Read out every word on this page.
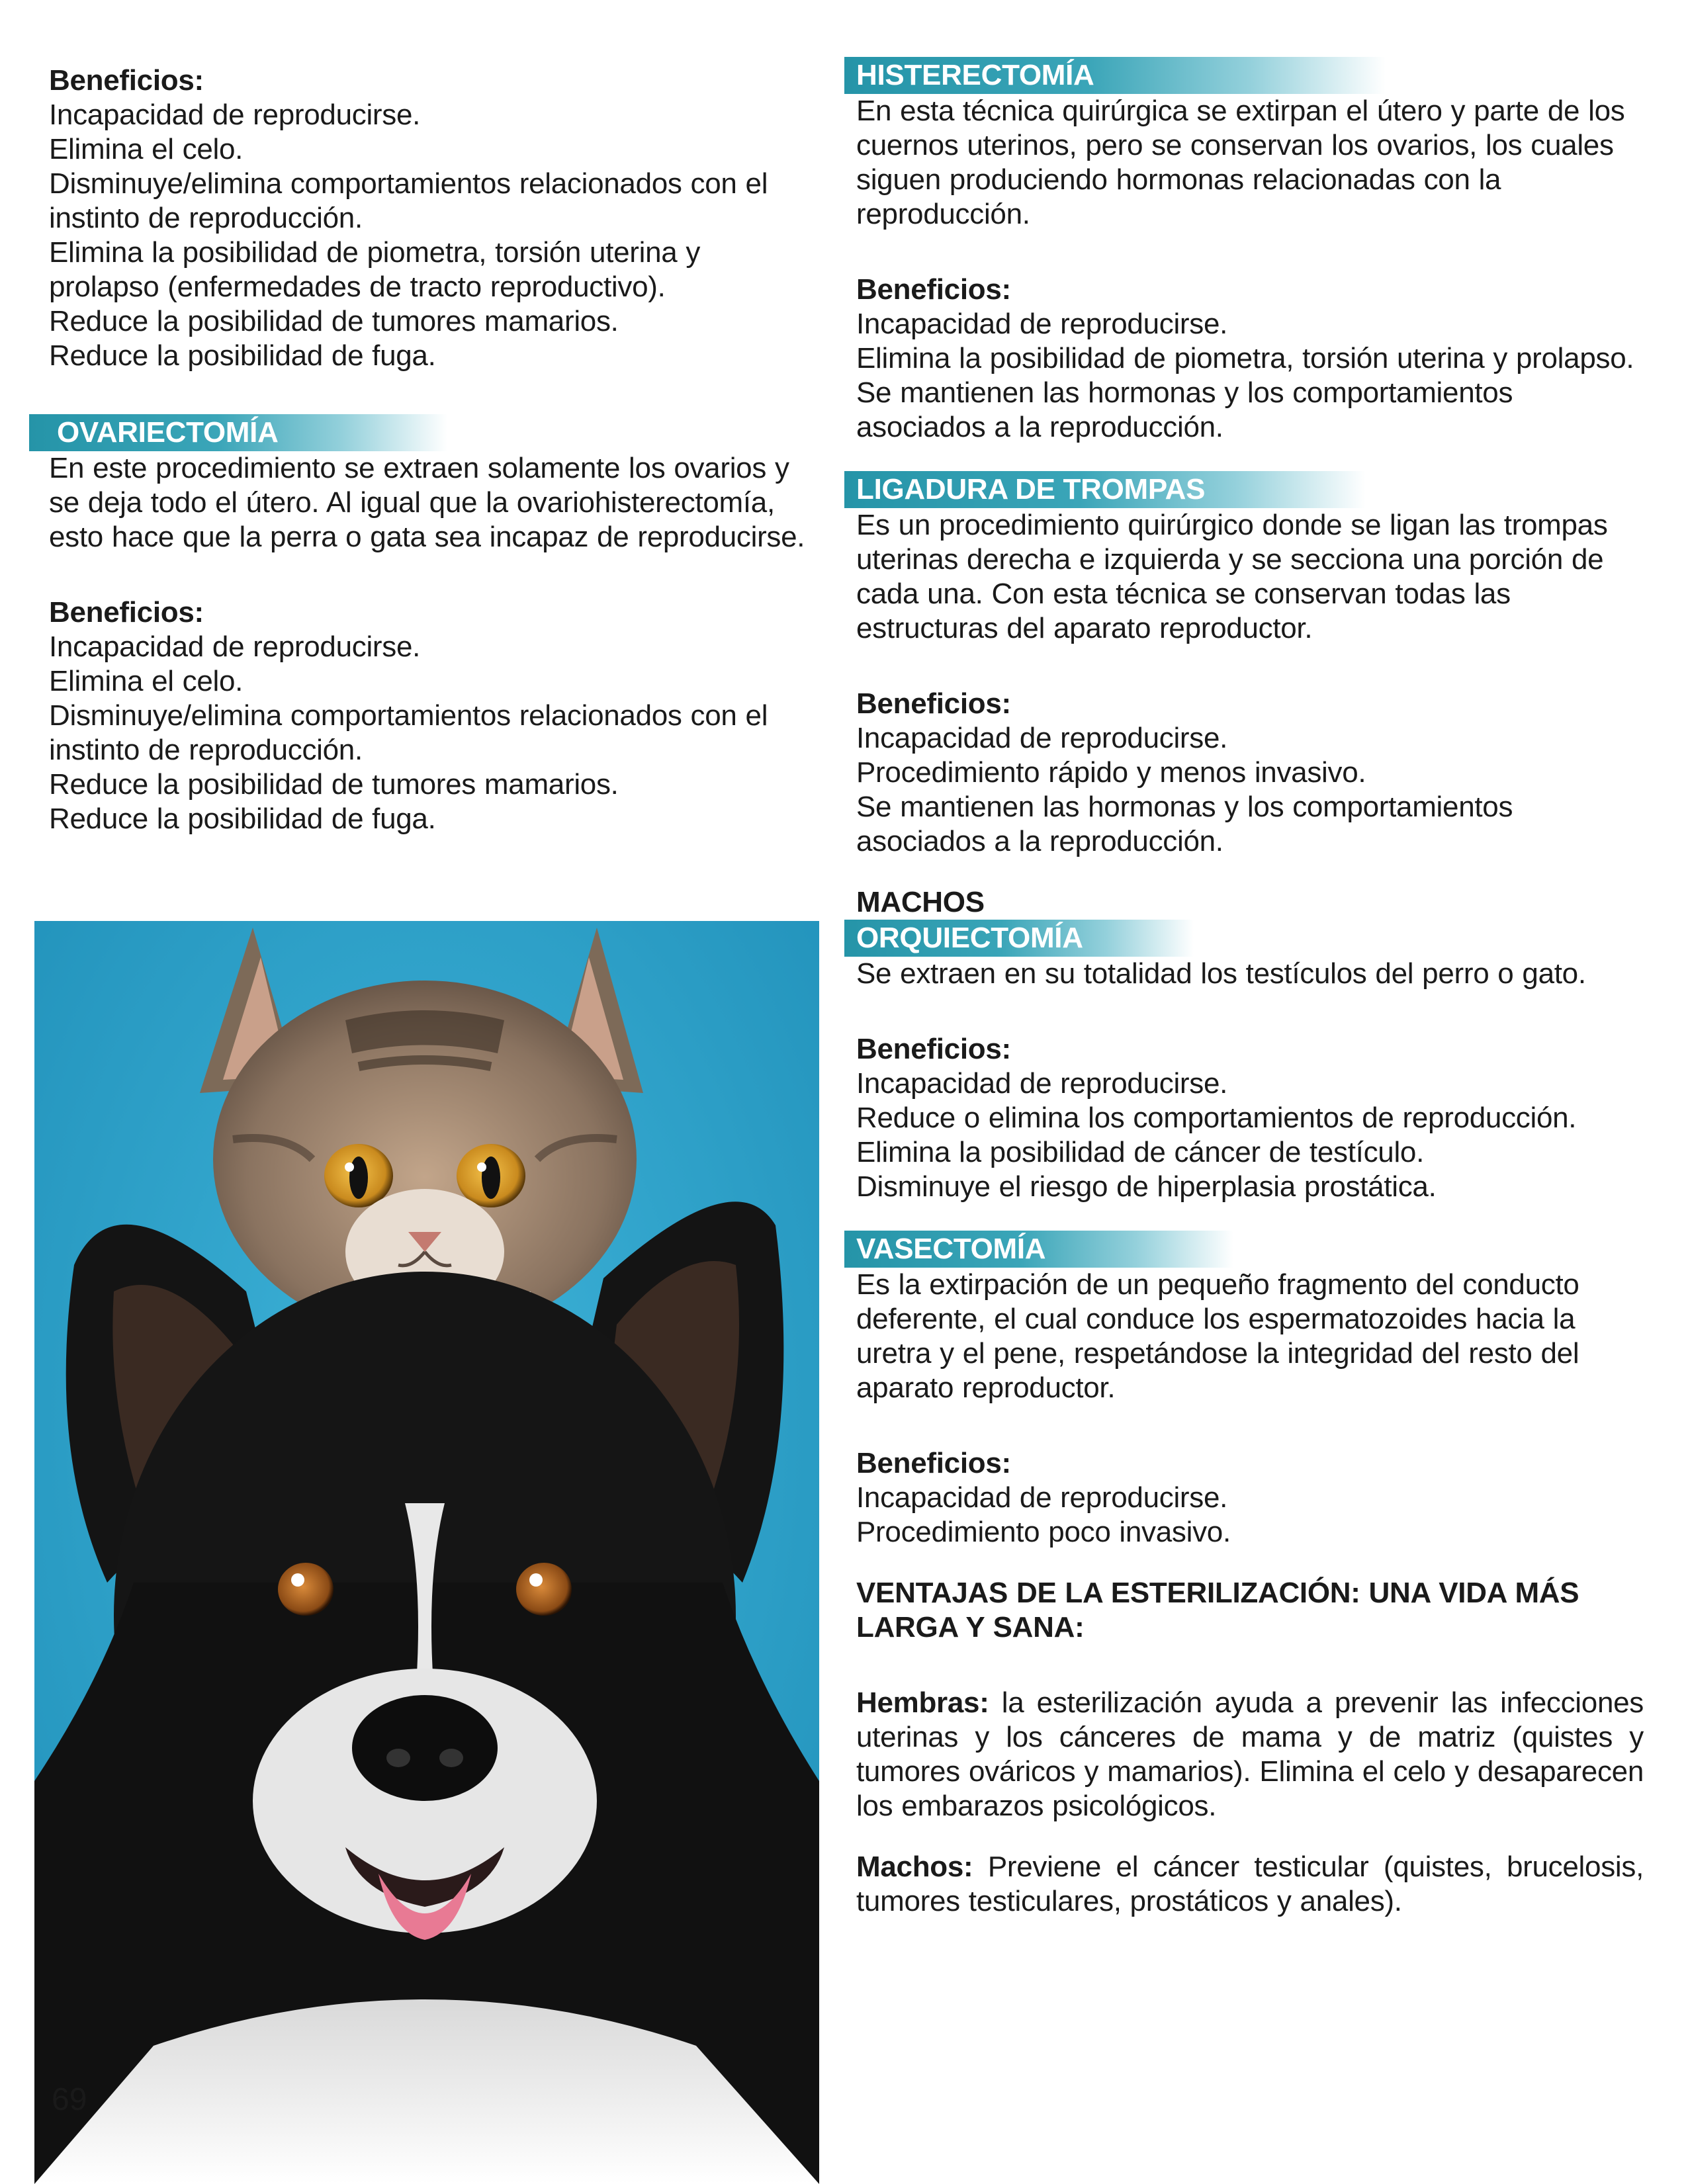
Beneficios:

Incapacidad de reproducirse.

Elimina el celo.

Disminuye/elimina comportamientos relacionados con el instinto de reproducción.

Elimina la posibilidad de piometra, torsión uterina y prolapso (enfermedades de tracto reproductivo).

Reduce la posibilidad de tumores mamarios.

Reduce la posibilidad de fuga.

OVARIECTOMÍA

En este procedimiento se extraen solamente los ovarios y se deja todo el útero. Al igual que la ovariohisterectomía, esto hace que la perra o gata sea incapaz de reproducirse.

Beneficios:

Incapacidad de reproducirse.

Elimina el celo.

Disminuye/elimina comportamientos relacionados con el instinto de reproducción.

Reduce la posibilidad de tumores mamarios.

Reduce la posibilidad de fuga.

69
HISTERECTOMÍA

En esta técnica quirúrgica se extirpan el útero y parte de los cuernos uterinos, pero se conservan los ovarios, los cuales siguen produciendo hormonas relacionadas con la reproducción.

Beneficios:

Incapacidad de reproducirse.

Elimina la posibilidad de piometra, torsión uterina y prolapso.

Se mantienen las hormonas y los comportamientos asociados a la reproducción.

LIGADURA DE TROMPAS

Es un procedimiento quirúrgico donde se ligan las trompas uterinas derecha e izquierda y se secciona una porción de cada una. Con esta técnica se conservan todas las estructuras del aparato reproductor.

Beneficios:

Incapacidad de reproducirse.

Procedimiento rápido y menos invasivo.

Se mantienen las hormonas y los comportamientos asociados a la reproducción.

MACHOS

ORQUIECTOMÍA

Se extraen en su totalidad los testículos del perro o gato.

Beneficios:

Incapacidad de reproducirse.

Reduce o elimina los comportamientos de reproducción.

Elimina la posibilidad de cáncer de testículo.

Disminuye el riesgo de hiperplasia prostática.

VASECTOMÍA

Es la extirpación de un pequeño fragmento del conducto deferente, el cual conduce los espermatozoides hacia la uretra y el pene, respetándose la integridad del resto del aparato reproductor.

Beneficios:

Incapacidad de reproducirse.

Procedimiento poco invasivo.

VENTAJAS DE LA ESTERILIZACIÓN: UNA VIDA MÁS LARGA Y SANA:

Hembras: la esterilización ayuda a prevenir las infecciones uterinas y los cánceres de mama y de matriz (quistes y tumores ováricos y mamarios). Elimina el celo y desaparecen los embarazos psicológicos.

Machos: Previene el cáncer testicular (quistes, brucelosis, tumores testiculares, prostáticos y anales).
